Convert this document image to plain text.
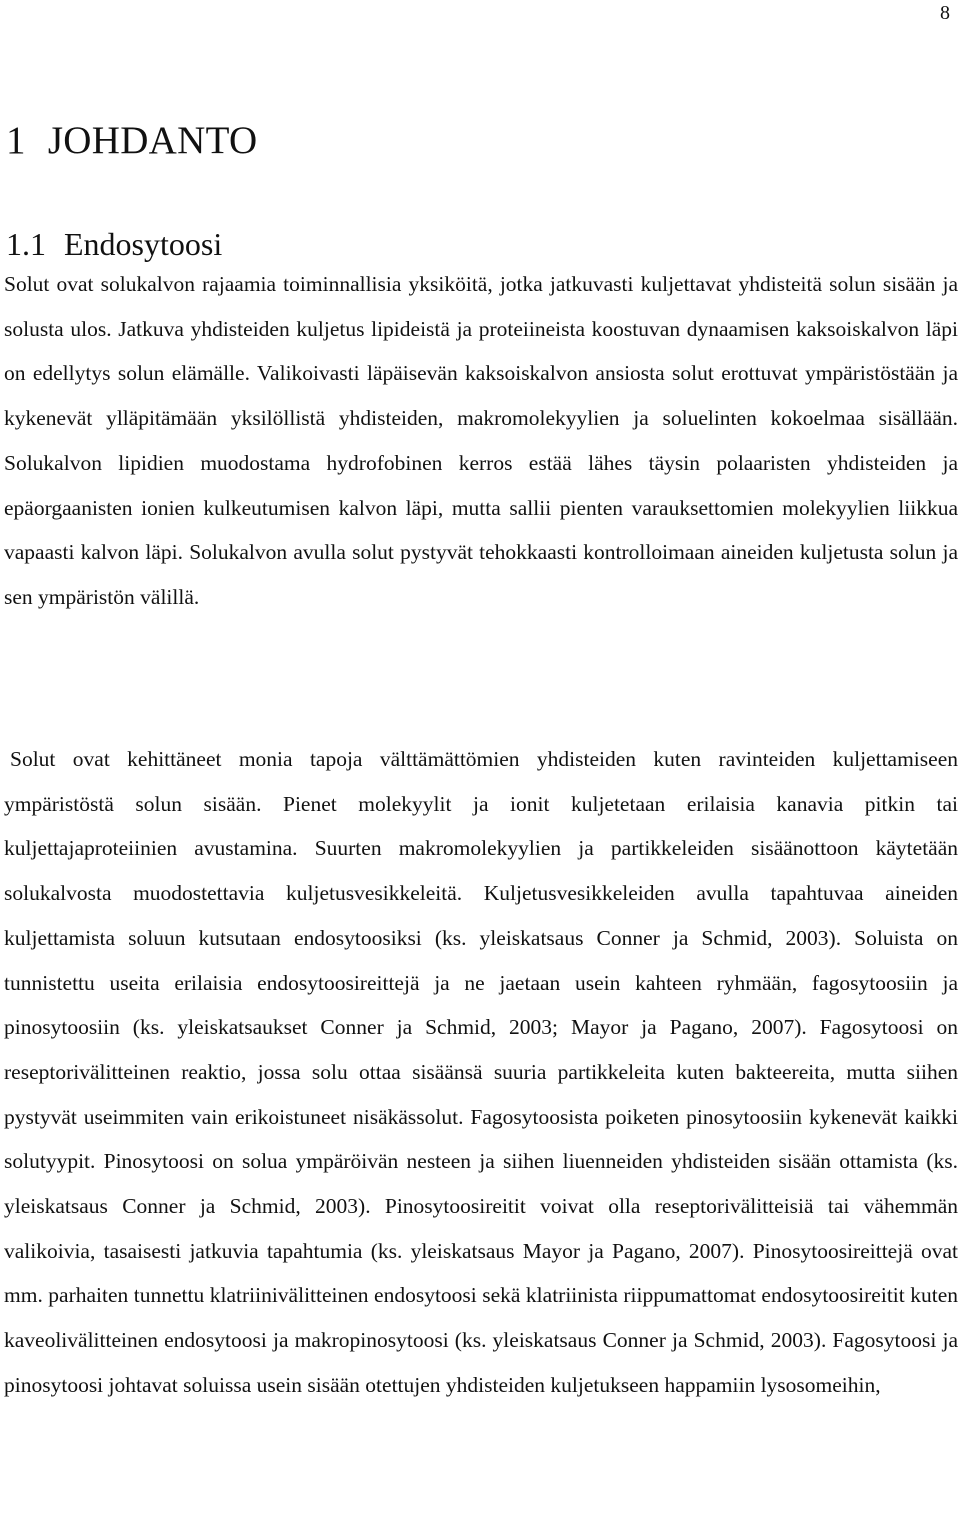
8
1 JOHDANTO
1.1 Endosytoosi

Solut ovat solukalvon rajaamia toiminnallisia yksiköitä, jotka jatkuvasti kuljettavat yhdisteitä solun sisään ja solusta ulos. Jatkuva yhdisteiden kuljetus lipideistä ja proteiineista koostuvan dynaamisen kaksoiskalvon läpi on edellytys solun elämälle. Valikoivasti läpäisevän kaksoiskalvon ansiosta solut erottuvat ympäristöstään ja kykenevät ylläpitämään yksilöllistä yhdisteiden, makromolekyylien ja soluelinten kokoelmaa sisällään. Solukalvon lipidien muodostama hydrofobinen kerros estää lähes täysin polaaristen yhdisteiden ja epäorgaanisten ionien kulkeutumisen kalvon läpi, mutta sallii pienten varauksettomien molekyylien liikkua vapaasti kalvon läpi. Solukalvon avulla solut pystyvät tehokkaasti kontrolloimaan aineiden kuljetusta solun ja sen ympäristön välillä.

Solut ovat kehittäneet monia tapoja välttämättömien yhdisteiden kuten ravinteiden kuljettamiseen ympäristöstä solun sisään. Pienet molekyylit ja ionit kuljetetaan erilaisia kanavia pitkin tai kuljettajaproteiinien avustamina. Suurten makromolekyylien ja partikkeleiden sisäänottoon käytetään solukalvosta muodostettavia kuljetusvesikkeleitä. Kuljetusvesikkeleiden avulla tapahtuvaa aineiden kuljettamista soluun kutsutaan endosytoosiksi (ks. yleiskatsaus Conner ja Schmid, 2003). Soluista on tunnistettu useita erilaisia endosytoosireittejä ja ne jaetaan usein kahteen ryhmään, fagosytoosiin ja pinosytoosiin (ks. yleiskatsaukset Conner ja Schmid, 2003; Mayor ja Pagano, 2007). Fagosytoosi on reseptorivälitteinen reaktio, jossa solu ottaa sisäänsä suuria partikkeleita kuten bakteereita, mutta siihen pystyvät useimmiten vain erikoistuneet nisäkässolut. Fagosytoosista poiketen pinosytoosiin kykenevät kaikki solutyypit. Pinosytoosi on solua ympäröivän nesteen ja siihen liuenneiden yhdisteiden sisään ottamista (ks. yleiskatsaus Conner ja Schmid, 2003). Pinosytoosireitit voivat olla reseptorivälitteisiä tai vähemmän valikoivia, tasaisesti jatkuvia tapahtumia (ks. yleiskatsaus Mayor ja Pagano, 2007). Pinosytoosireittejä ovat mm. parhaiten tunnettu klatriinivälitteinen endosytoosi sekä klatriinista riippumattomat endosytoosireitit kuten kaveolivälitteinen endosytoosi ja makropinosytoosi (ks. yleiskatsaus Conner ja Schmid, 2003). Fagosytoosi ja pinosytoosi johtavat soluissa usein sisään otettujen yhdisteiden kuljetukseen happamiin lysosomeihin,
